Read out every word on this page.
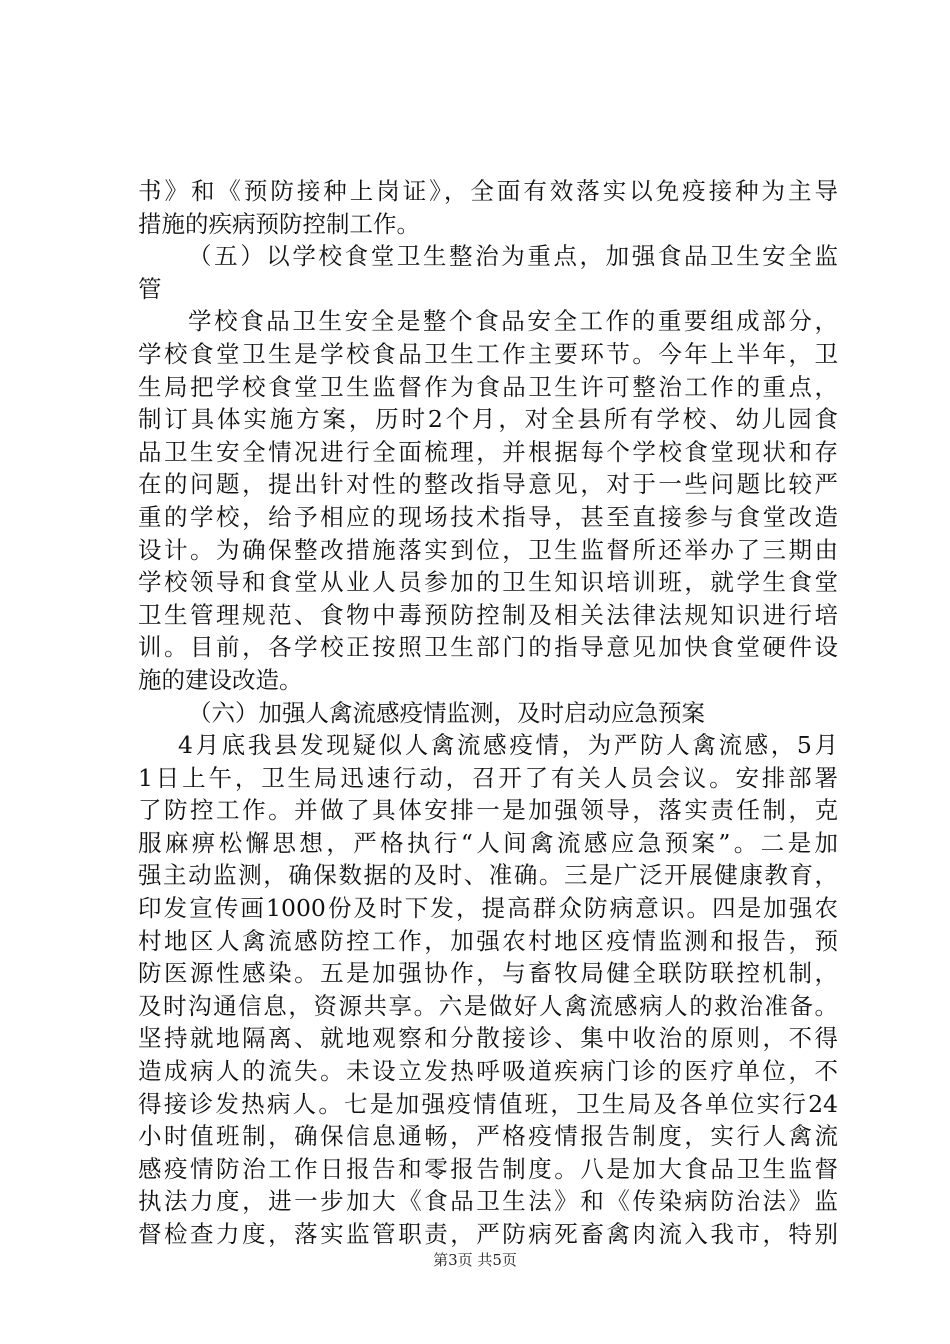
书》和《预防接种上岗证》，全面有效落实以免疫接种为主导
措施的疾病预防控制工作。
（五）以学校食堂卫生整治为重点，加强食品卫生安全监
管
学校食品卫生安全是整个食品安全工作的重要组成部分，
学校食堂卫生是学校食品卫生工作主要环节。今年上半年，卫
生局把学校食堂卫生监督作为食品卫生许可整治工作的重点，
制订具体实施方案，历时2个月，对全县所有学校、幼儿园食
品卫生安全情况进行全面梳理，并根据每个学校食堂现状和存
在的问题，提出针对性的整改指导意见，对于一些问题比较严
重的学校，给予相应的现场技术指导，甚至直接参与食堂改造
设计。为确保整改措施落实到位，卫生监督所还举办了三期由
学校领导和食堂从业人员参加的卫生知识培训班，就学生食堂
卫生管理规范、食物中毒预防控制及相关法律法规知识进行培
训。目前，各学校正按照卫生部门的指导意见加快食堂硬件设
施的建设改造。
（六）加强人禽流感疫情监测，及时启动应急预案
4月底我县发现疑似人禽流感疫情，为严防人禽流感，5月
1日上午，卫生局迅速行动，召开了有关人员会议。安排部署
了防控工作。并做了具体安排一是加强领导，落实责任制，克
服麻痹松懈思想，严格执行“人间禽流感应急预案”。二是加
强主动监测，确保数据的及时、准确。三是广泛开展健康教育，
印发宣传画1000份及时下发，提高群众防病意识。四是加强农
村地区人禽流感防控工作，加强农村地区疫情监测和报告，预
防医源性感染。五是加强协作，与畜牧局健全联防联控机制，
及时沟通信息，资源共享。六是做好人禽流感病人的救治准备。
坚持就地隔离、就地观察和分散接诊、集中收治的原则，不得
造成病人的流失。未设立发热呼吸道疾病门诊的医疗单位，不
得接诊发热病人。七是加强疫情值班，卫生局及各单位实行24
小时值班制，确保信息通畅，严格疫情报告制度，实行人禽流
感疫情防治工作日报告和零报告制度。八是加大食品卫生监督
执法力度，进一步加大《食品卫生法》和《传染病防治法》监
督检查力度，落实监管职责，严防病死畜禽肉流入我市，特别
第3页 共5页
